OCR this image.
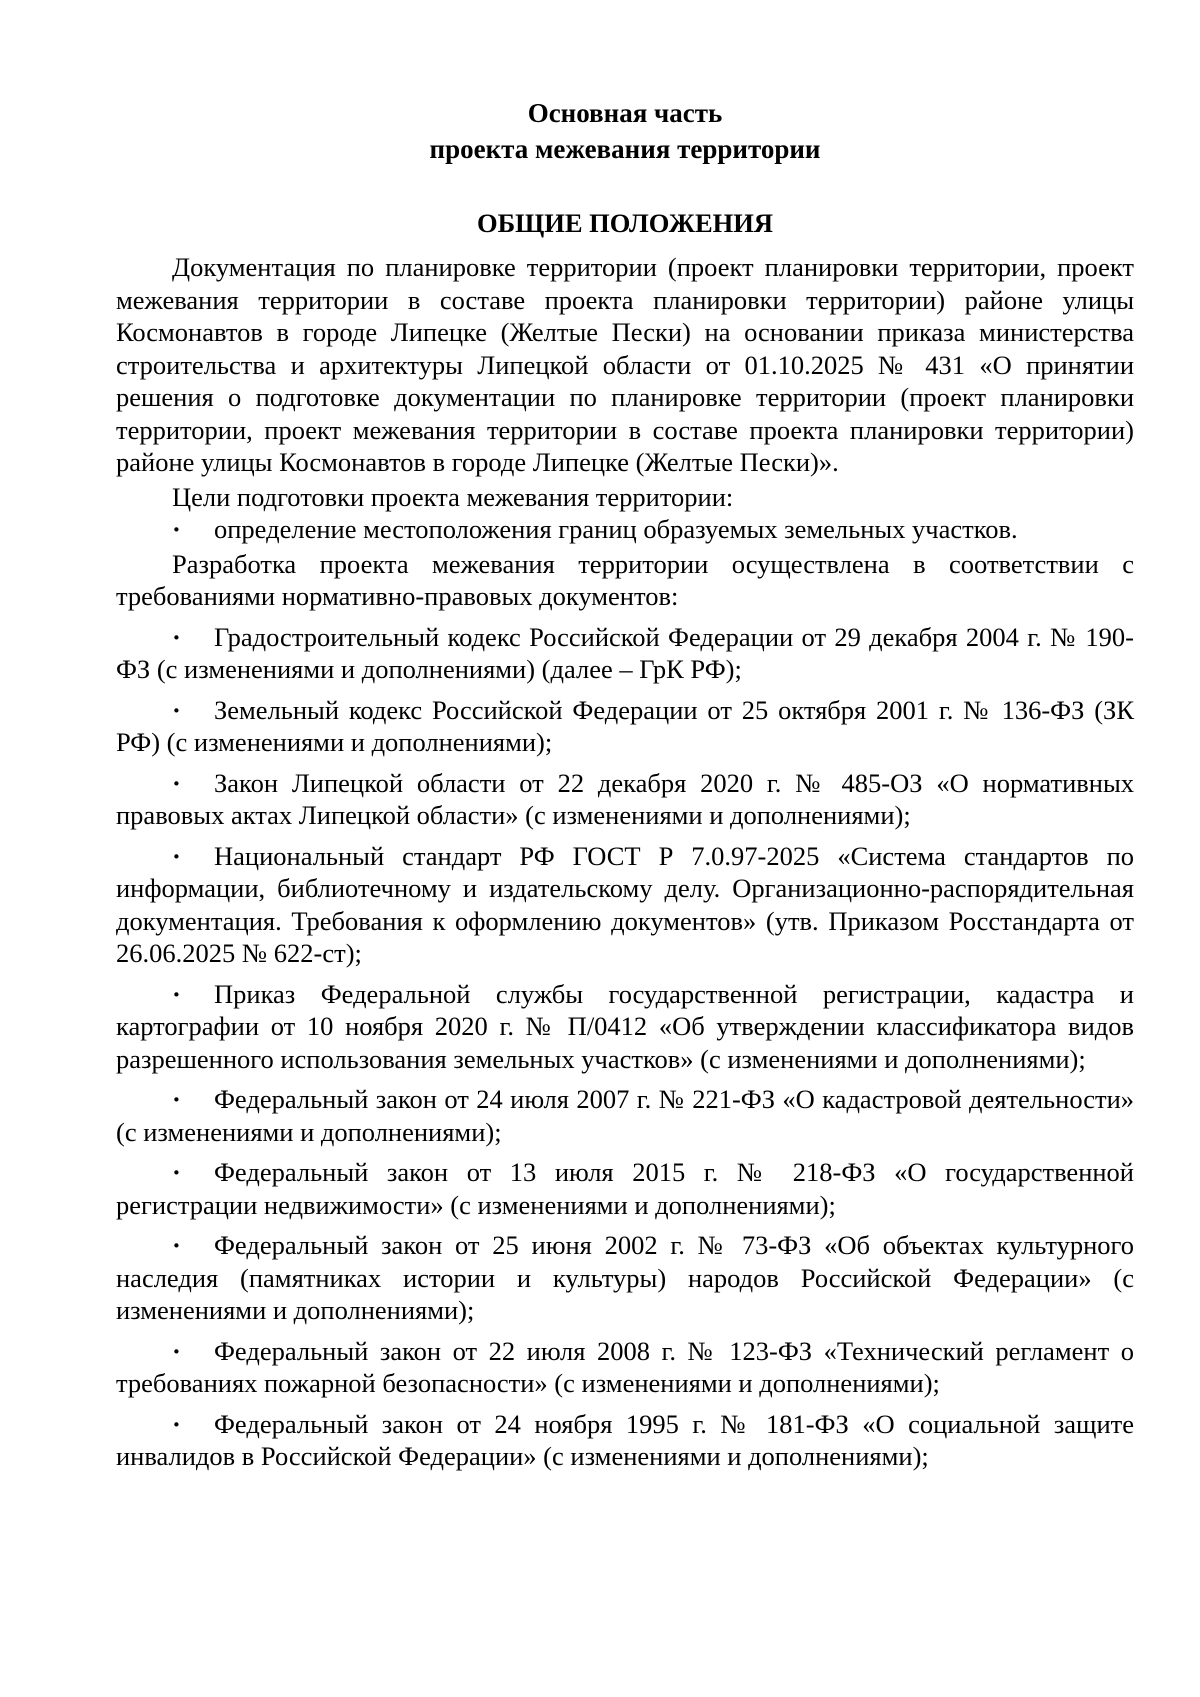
Основная часть

проекта межевания территории

ОБЩИЕ ПОЛОЖЕНИЯ

Документация по планировке территории (проект планировки территории, проект межевания территории в составе проекта планировки территории) районе улицы Космонавтов в городе Липецке (Желтые Пески) на основании приказа министерства строительства и архитектуры Липецкой области от 01.10.2025 № 431 «О принятии решения о подготовке документации по планировке территории (проект планировки территории, проект межевания территории в составе проекта планировки территории) районе улицы Космонавтов в городе Липецке (Желтые Пески)».

Цели подготовки проекта межевания территории:

· определение местоположения границ образуемых земельных участков.

Разработка проекта межевания территории осуществлена в соответствии с требованиями нормативно-правовых документов:

· Градостроительный кодекс Российской Федерации от 29 декабря 2004 г. № 190-ФЗ (с изменениями и дополнениями) (далее – ГрК РФ);

· Земельный кодекс Российской Федерации от 25 октября 2001 г. № 136-ФЗ (ЗК РФ) (с изменениями и дополнениями);

· Закон Липецкой области от 22 декабря 2020 г. № 485-ОЗ «О нормативных правовых актах Липецкой области» (с изменениями и дополнениями);

· Национальный стандарт РФ ГОСТ Р 7.0.97-2025 «Система стандартов по информации, библиотечному и издательскому делу. Организационно-распорядительная документация. Требования к оформлению документов» (утв. Приказом Росстандарта от 26.06.2025 № 622-ст);

· Приказ Федеральной службы государственной регистрации, кадастра и картографии от 10 ноября 2020 г. № П/0412 «Об утверждении классификатора видов разрешенного использования земельных участков» (с изменениями и дополнениями);

· Федеральный закон от 24 июля 2007 г. № 221-ФЗ «О кадастровой деятельности» (с изменениями и дополнениями);

· Федеральный закон от 13 июля 2015 г. № 218-ФЗ «О государственной регистрации недвижимости» (с изменениями и дополнениями);

· Федеральный закон от 25 июня 2002 г. № 73-ФЗ «Об объектах культурного наследия (памятниках истории и культуры) народов Российской Федерации» (с изменениями и дополнениями);

· Федеральный закон от 22 июля 2008 г. № 123-ФЗ «Технический регламент о требованиях пожарной безопасности» (с изменениями и дополнениями);

· Федеральный закон от 24 ноября 1995 г. № 181-ФЗ «О социальной защите инвалидов в Российской Федерации» (с изменениями и дополнениями);
